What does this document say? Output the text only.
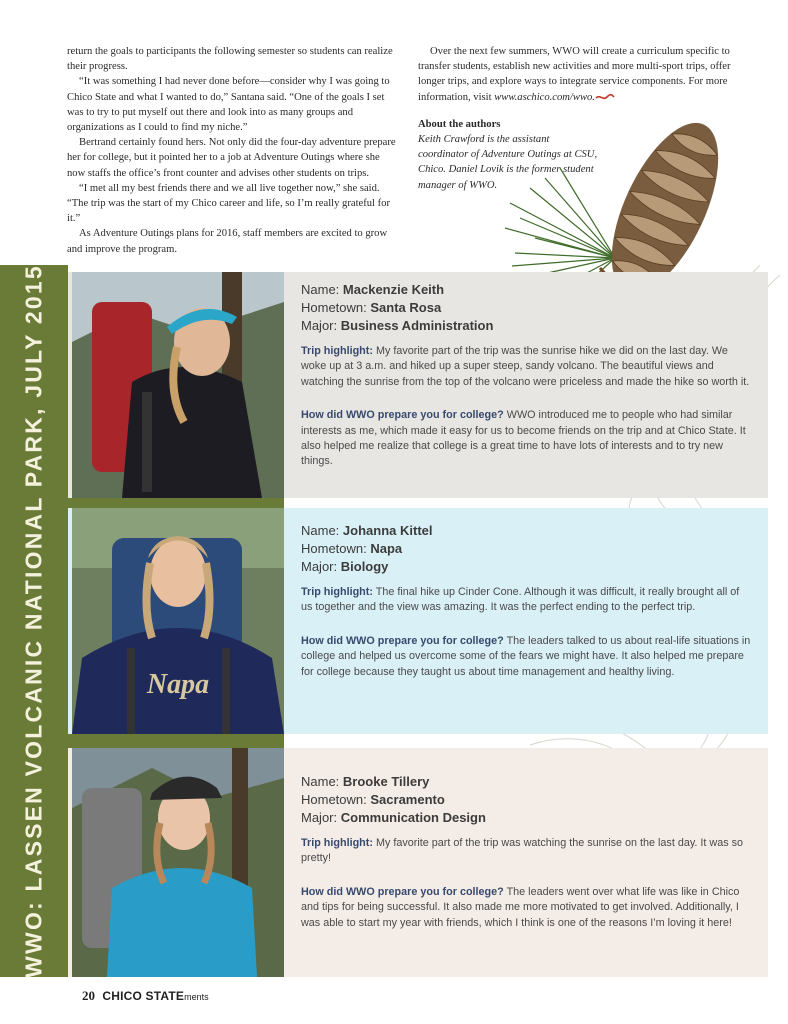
return the goals to participants the following semester so students can realize their progress.

“It was something I had never done before—consider why I was going to Chico State and what I wanted to do,” Santana said. “One of the goals I set was to try to put myself out there and look into as many groups and organizations as I could to find my niche.”

Bertrand certainly found hers. Not only did the four-day adventure prepare her for college, but it pointed her to a job at Adventure Outings where she now staffs the office’s front counter and advises other students on trips.

“I met all my best friends there and we all live together now,” she said. “The trip was the start of my Chico career and life, so I’m really grateful for it.”

As Adventure Outings plans for 2016, staff members are excited to grow and improve the program.

Over the next few summers, WWO will create a curriculum specific to transfer students, establish new activities and more multi-sport trips, offer longer trips, and explore ways to integrate service components. For more information, visit www.aschico.com/wwo.

About the authors

Keith Crawford is the assistant coordinator of Adventure Outings at CSU, Chico. Daniel Lovik is the former student manager of WWO.

WWO: LASSEN VOLCANIC NATIONAL PARK, JULY 2015	Napa
Name: Mackenzie Keith
Hometown: Santa Rosa
Major: Business Administration

Trip highlight: My favorite part of the trip was the sunrise hike we did on the last day. We woke up at 3 a.m. and hiked up a super steep, sandy volcano. The beautiful views and watching the sunrise from the top of the volcano were priceless and made the hike so worth it.

How did WWO prepare you for college? WWO introduced me to people who had similar interests as me, which made it easy for us to become friends on the trip and at Chico State. It also helped me realize that college is a great time to have lots of interests and to try new things.

Name: Johanna Kittel
Hometown: Napa
Major: Biology

Trip highlight: The final hike up Cinder Cone. Although it was difficult, it really brought all of us together and the view was amazing. It was the perfect ending to the perfect trip.

How did WWO prepare you for college? The leaders talked to us about real-life situations in college and helped us overcome some of the fears we might have. It also helped me prepare for college because they taught us about time management and healthy living.

Name: Brooke Tillery
Hometown: Sacramento
Major: Communication Design

Trip highlight: My favorite part of the trip was watching the sunrise on the last day. It was so pretty!

How did WWO prepare you for college? The leaders went over what life was like in Chico and tips for being successful. It also made me more motivated to get involved. Additionally, I was able to start my year with friends, which I think is one of the reasons I’m loving it here!

20 CHICO STATEments
